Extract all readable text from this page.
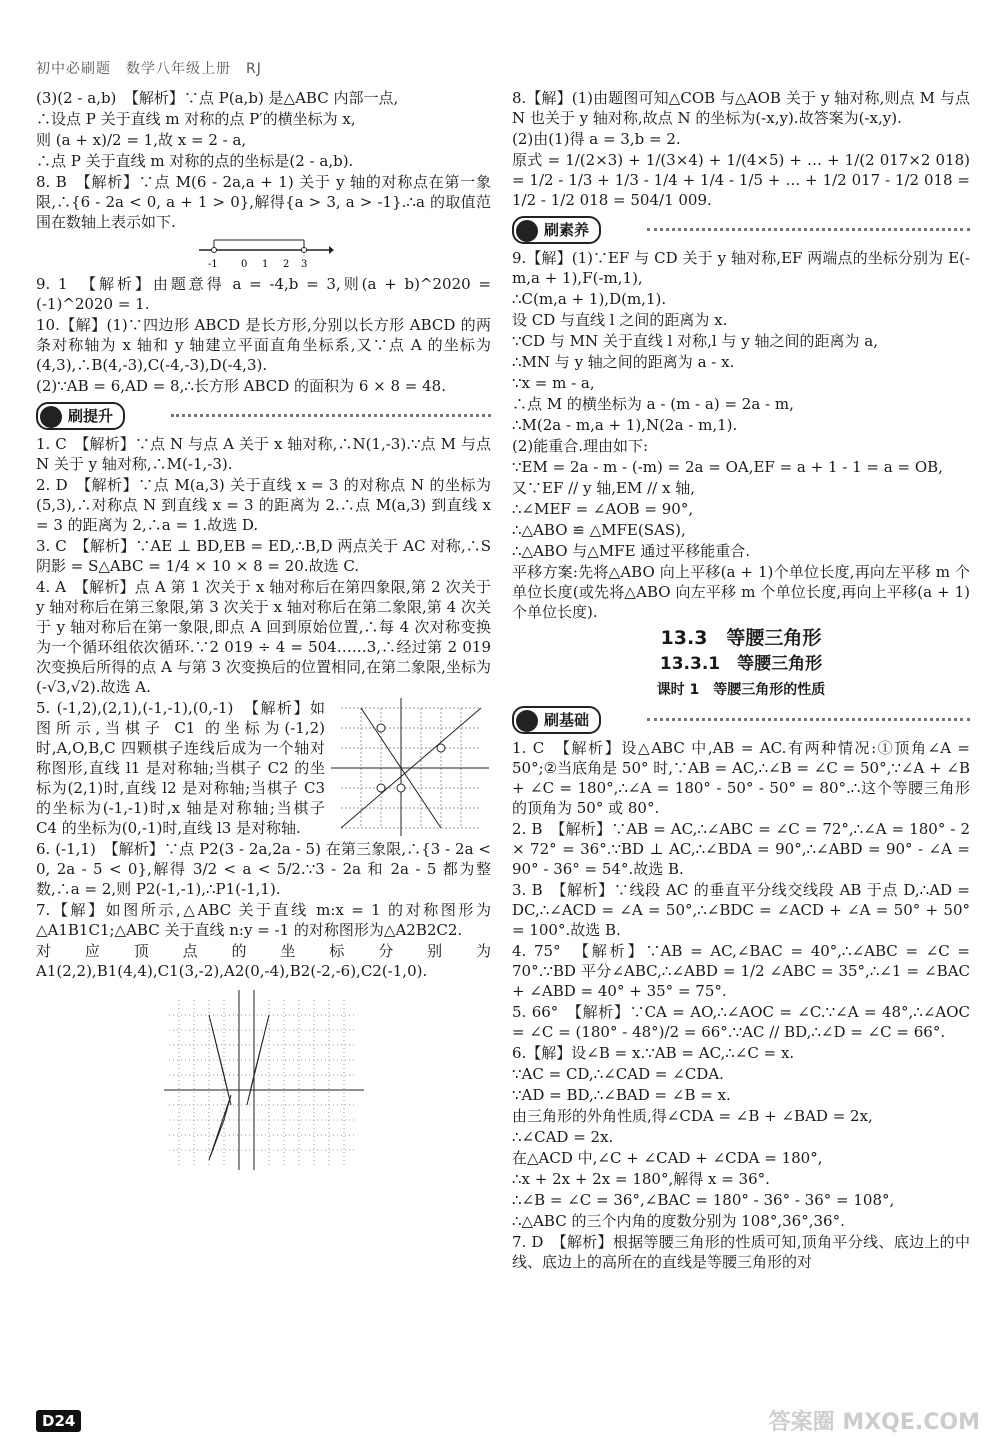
初中必刷题　数学八年级上册　RJ

(3)(2 - a,b)　【解析】∵点 P(a,b) 是△ABC 内部一点,

∴设点 P 关于直线 m 对称的点 P′的横坐标为 x,

则 (a + x)/2 = 1,故 x = 2 - a,

∴点 P 关于直线 m 对称的点的坐标是(2 - a,b).

8. B　【解析】∵点 M(6 - 2a,a + 1) 关于 y 轴的对称点在第一象限,∴{6 - 2a < 0, a + 1 > 0},解得{a > 3, a > -1}.∴a 的取值范围在数轴上表示如下.

-1 0 1 2 3

9. 1　【解析】由题意得 a = -4,b = 3,则(a + b)^2020 = (-1)^2020 = 1.

10.【解】(1)∵四边形 ABCD 是长方形,分别以长方形 ABCD 的两条对称轴为 x 轴和 y 轴建立平面直角坐标系,又∵点 A 的坐标为(4,3),∴B(4,-3),C(-4,-3),D(-4,3).

(2)∵AB = 6,AD = 8,∴长方形 ABCD 的面积为 6 × 8 = 48.

刷提升

1. C　【解析】∵点 N 与点 A 关于 x 轴对称,∴N(1,-3).∵点 M 与点 N 关于 y 轴对称,∴M(-1,-3).

2. D　【解析】∵点 M(a,3) 关于直线 x = 3 的对称点 N 的坐标为(5,3),∴对称点 N 到直线 x = 3 的距离为 2.∴点 M(a,3) 到直线 x = 3 的距离为 2,∴a = 1.故选 D.

3. C　【解析】∵AE ⊥ BD,EB = ED,∴B,D 两点关于 AC 对称,∴S阴影 = S△ABC = 1/4 × 10 × 8 = 20.故选 C.

4. A　【解析】点 A 第 1 次关于 x 轴对称后在第四象限,第 2 次关于 y 轴对称后在第三象限,第 3 次关于 x 轴对称后在第二象限,第 4 次关于 y 轴对称后在第一象限,即点 A 回到原始位置,∴每 4 次对称变换为一个循环组依次循环.∵2 019 ÷ 4 = 504……3,∴经过第 2 019 次变换后所得的点 A 与第 3 次变换后的位置相同,在第二象限,坐标为(-√3,√2).故选 A.

5. (-1,2),(2,1),(-1,-1),(0,-1)　【解析】如图所示,当棋子 C1 的坐标为(-1,2)时,A,O,B,C 四颗棋子连线后成为一个轴对称图形,直线 l1 是对称轴;当棋子 C2 的坐标为(2,1)时,直线 l2 是对称轴;当棋子 C3 的坐标为(-1,-1)时,x 轴是对称轴;当棋子 C4 的坐标为(0,-1)时,直线 l3 是对称轴.

6. (-1,1)　【解析】∵点 P2(3 - 2a,2a - 5) 在第三象限,∴{3 - 2a < 0, 2a - 5 < 0},解得 3/2 < a < 5/2.∵3 - 2a 和 2a - 5 都为整数,∴a = 2,则 P2(-1,-1),∴P1(-1,1).

7.【解】如图所示,△ABC 关于直线 m:x = 1 的对称图形为△A1B1C1;△ABC 关于直线 n:y = -1 的对称图形为△A2B2C2.

对应顶点的坐标分别为 A1(2,2),B1(4,4),C1(3,-2),A2(0,-4),B2(-2,-6),C2(-1,0).

8.【解】(1)由题图可知△COB 与△AOB 关于 y 轴对称,则点 M 与点 N 也关于 y 轴对称,故点 N 的坐标为(-x,y).故答案为(-x,y).

(2)由(1)得 a = 3,b = 2.

原式 = 1/(2×3) + 1/(3×4) + 1/(4×5) + … + 1/(2 017×2 018) = 1/2 - 1/3 + 1/3 - 1/4 + 1/4 - 1/5 + … + 1/2 017 - 1/2 018 = 1/2 - 1/2 018 = 504/1 009.

刷素养

9.【解】(1)∵EF 与 CD 关于 y 轴对称,EF 两端点的坐标分别为 E(-m,a + 1),F(-m,1),

∴C(m,a + 1),D(m,1).

设 CD 与直线 l 之间的距离为 x.

∵CD 与 MN 关于直线 l 对称,l 与 y 轴之间的距离为 a,

∴MN 与 y 轴之间的距离为 a - x.

∵x = m - a,

∴点 M 的横坐标为 a - (m - a) = 2a - m,

∴M(2a - m,a + 1),N(2a - m,1).

(2)能重合.理由如下:

∵EM = 2a - m - (-m) = 2a = OA,EF = a + 1 - 1 = a = OB,

又∵EF // y 轴,EM // x 轴,

∴∠MEF = ∠AOB = 90°,

∴△ABO ≌ △MFE(SAS),

∴△ABO 与△MFE 通过平移能重合.

平移方案:先将△ABO 向上平移(a + 1)个单位长度,再向左平移 m 个单位长度(或先将△ABO 向左平移 m 个单位长度,再向上平移(a + 1)个单位长度).

13.3　等腰三角形
13.3.1　等腰三角形
课时 1　等腰三角形的性质
刷基础

1. C　【解析】设△ABC 中,AB = AC.有两种情况:①顶角∠A = 50°;②当底角是 50° 时,∵AB = AC,∴∠B = ∠C = 50°,∵∠A + ∠B + ∠C = 180°,∴∠A = 180° - 50° - 50° = 80°.∴这个等腰三角形的顶角为 50° 或 80°.

2. B　【解析】∵AB = AC,∴∠ABC = ∠C = 72°,∴∠A = 180° - 2 × 72° = 36°.∵BD ⊥ AC,∴∠BDA = 90°,∴∠ABD = 90° - ∠A = 90° - 36° = 54°.故选 B.

3. B　【解析】∵线段 AC 的垂直平分线交线段 AB 于点 D,∴AD = DC,∴∠ACD = ∠A = 50°,∴∠BDC = ∠ACD + ∠A = 50° + 50° = 100°.故选 B.

4. 75°　【解析】∵AB = AC,∠BAC = 40°,∴∠ABC = ∠C = 70°.∵BD 平分∠ABC,∴∠ABD = 1/2 ∠ABC = 35°,∴∠1 = ∠BAC + ∠ABD = 40° + 35° = 75°.

5. 66°　【解析】∵CA = AO,∴∠AOC = ∠C.∵∠A = 48°,∴∠AOC = ∠C = (180° - 48°)/2 = 66°.∵AC // BD,∴∠D = ∠C = 66°.

6.【解】设∠B = x.∵AB = AC,∴∠C = x.

∵AC = CD,∴∠CAD = ∠CDA.

∵AD = BD,∴∠BAD = ∠B = x.

由三角形的外角性质,得∠CDA = ∠B + ∠BAD = 2x,

∴∠CAD = 2x.

在△ACD 中,∠C + ∠CAD + ∠CDA = 180°,

∴x + 2x + 2x = 180°,解得 x = 36°.

∴∠B = ∠C = 36°,∠BAC = 180° - 36° - 36° = 108°,

∴△ABC 的三个内角的度数分别为 108°,36°,36°.

7. D　【解析】根据等腰三角形的性质可知,顶角平分线、底边上的中线、底边上的高所在的直线是等腰三角形的对

D24	答案圈 MXQE.COM
